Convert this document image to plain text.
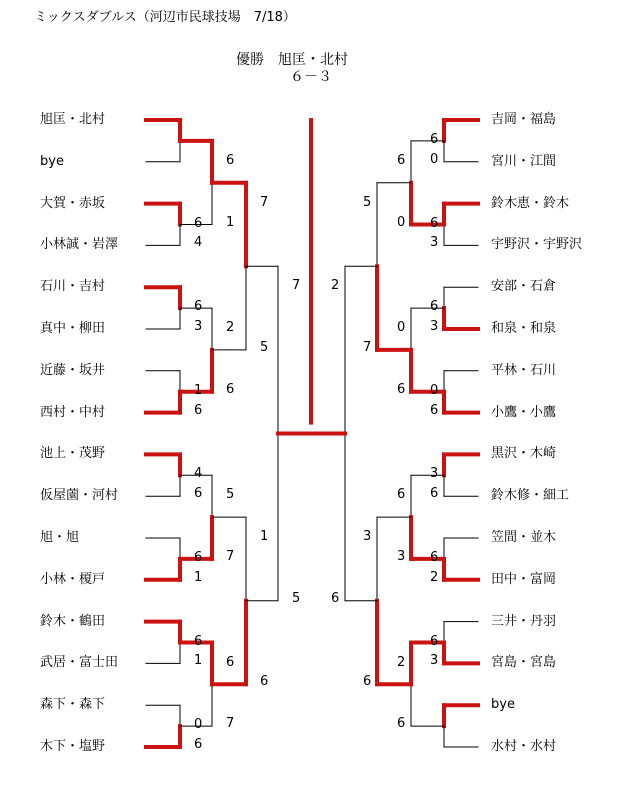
ミックスダブルス（河辺市民球技場　7/18）
優勝　旭匡・北村
６－３
旭匡・北村
bye
大賀・赤坂
小林誠・岩澤
石川・吉村
真中・柳田
近藤・坂井
西村・中村
池上・茂野
仮屋薗・河村
旭・旭
小林・榎戸
鈴木・鶴田
武居・富士田
森下・森下
木下・塩野
吉岡・福島
宮川・江間
鈴木恵・鈴木
宇野沢・宇野沢
安部・石倉
和泉・和泉
平林・石川
小鷹・小鷹
黒沢・木崎
鈴木修・細工
笠間・並木
田中・富岡
三井・丹羽
宮島・宮島
bye
水村・水村
6
4
6
3
1
6
4
6
6
1
6
1
0
6
6
1
2
6
5
7
6
7
7
5
1
6
7
5
6
0
6
3
6
3
0
6
3
6
6
2
6
3
6
0
0
6
6
3
2
6
5
7
3
6
2
6
